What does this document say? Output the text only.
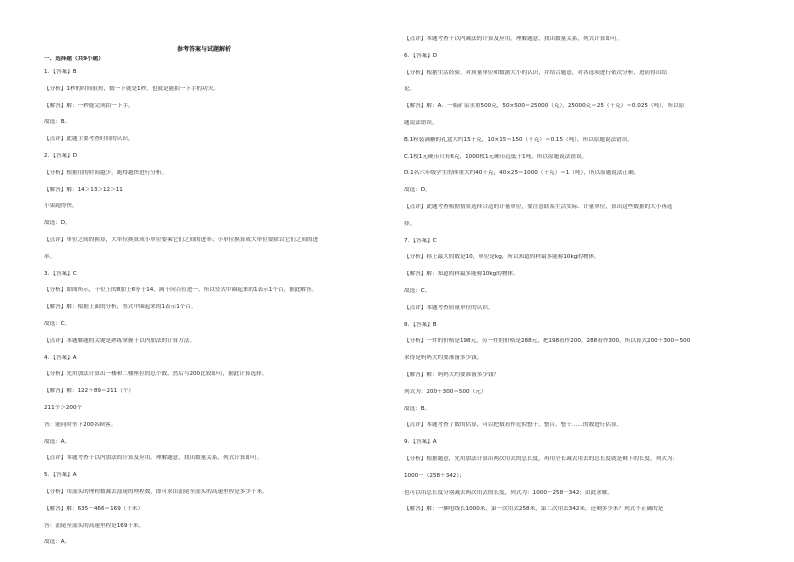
参考答案与试题解析
一、选择题（共9小题）
1．【答案】B
【分析】1秒的时间很短，数一下就是1秒，也就是能拍一下手的功夫。
【解答】解：一秒能完成拍一下手。
故选：B。
【点评】此题主要考查时间的认识。
2．【答案】D
【分析】根据用的时间越少，跑得越快进行分析。
【解答】解：14＞13＞12＞11
小果跑得快。
故选：D。
【点评】单位之间的换算，大单位换算成小单位要乘它们之间的进率；小单位换算成大单位要除以它们之间的进
率。
3．【答案】C
【分析】如图所示，十位上的8加上6等于14，满十向百位进一，所以竖式中圈起来的1表示1个百，据此解答。
【解答】解：根据上面的分析，竖式中圈起来的1表示1个百。
故选：C。
【点评】本题解题的关键是熟练掌握千以内加法的计算方法。
4．【答案】A
【分析】先用加法计算出一楼和二楼座位的总个数，然后与200比较即可，据此计算选择。
【解答】解：122＋89＝211（个）
211个＞200个
答：能同时坐下200名顾客。
故选：A。
【点评】本题考查千以内加法的计算及应用。理解题意，找出数量关系，列式计算即可。
5．【答案】A
【分析】用汕头的理程数减去汕尾的理程数，即可求出汕尾至汕头的高速里程是多少千米。
【解答】解：635－466＝169（千米）
答：汕尾至汕头的高速里程是169千米。
故选：A。
【点评】本题考查千以内减法的计算及应用。理解题意，找出数量关系，列式计算即可。
6．【答案】D
【分析】根据生活经验、对质量单位和数据大小的认识，并结合题意，对各选项进行依次分析、进而得出结
论。
【解答】解：A．一瓶矿泉水重500克，50×500＝25000（克），25000克＝25（千克）＝0.025（吨），所以原
题说法错误。
B.1粒装满糖的礼盒大约15千克，10×15＝150（千克）＝0.15（吨），所以原题说法错误。
C.1枚1元硬币只有6克，1000枚1元硬币远低于1吨，所以原题说法错误。
D.1名六年级学生的体重大约40千克，40×25＝1000（千克）＝1（吨），所以原题说法正确。
故选：D。
【点评】此题考查根据情景选择合适的计量单位，要注意联系生活实际、计量单位，算出这些数据的大小再选
择。
7．【答案】C
【分析】称上最大的数是10，单位是kg，所以知道的秤最多能称10kg的物体。
【解答】解：知道的秤最多能称10kg的物体。
故选：C。
【点评】本题考查质量单位的认识。
8．【答案】B
【分析】一件的价格是198元，另一件的价格是288元，把198看作200，288看作300，所以算式200＋300＝500
求得是妈妈大约要准备多少钱。
【解答】解：妈妈大约要准备多少钱？
列式为：200＋300＝500（元）
故选：B。
【点评】本题考查了数的估算，可以把数看作近似整十、整百、整千……的数进行估算。
9．【答案】A
【分析】根据题意，先用加法计算出两次用去的总长度，再用全长减去用去的总长度就是剩下的长度，列式为：
1000－（258＋342）；
也可以用总长度分别减去两次用去的长度，列式为：1000－258－342；由此求解。
【解答】解：一捆电线长1000米，第一次用去258米，第二次用去342米，还剩多少米？列式不正确的是
